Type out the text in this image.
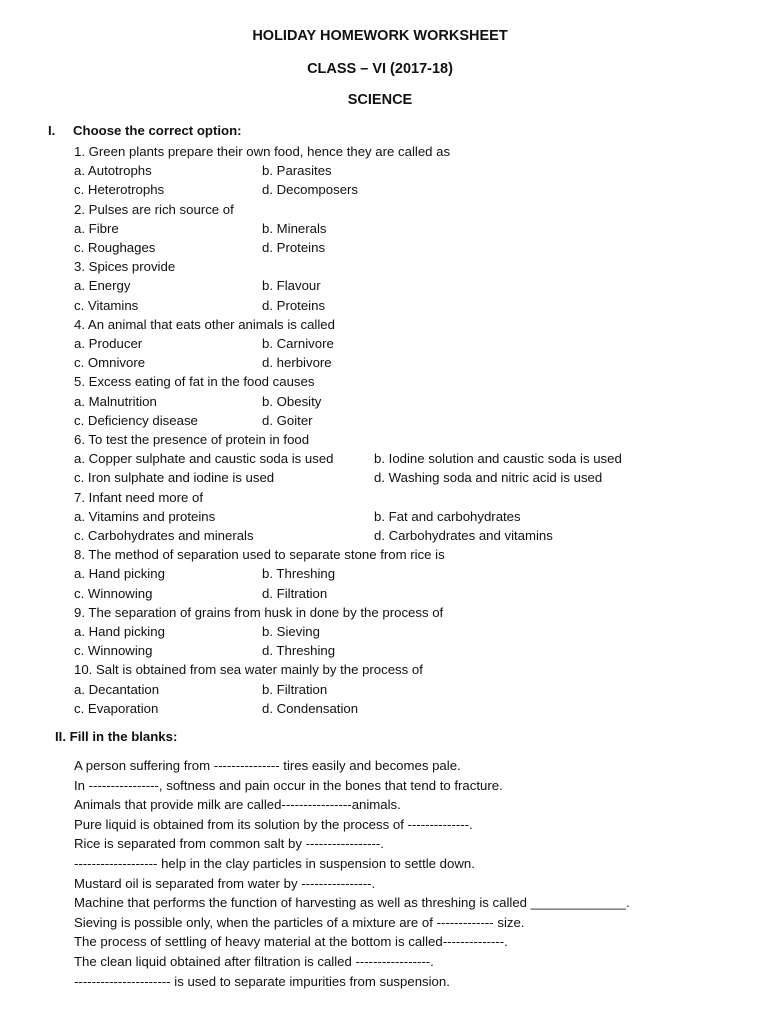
HOLIDAY HOMEWORK WORKSHEET
CLASS – VI (2017-18)
SCIENCE
I. Choose the correct option:
1. Green plants prepare their own food, hence they are called as
a. Autotrophs	b. Parasites
c. Heterotrophs	d. Decomposers
2. Pulses are rich source of
a. Fibre	b. Minerals
c. Roughages	d. Proteins
3. Spices provide
a. Energy	b. Flavour
c. Vitamins	d. Proteins
4. An animal that eats other animals is called
a. Producer	b. Carnivore
c. Omnivore	d. herbivore
5. Excess eating of fat in the food causes
a. Malnutrition	b. Obesity
c. Deficiency disease	d. Goiter
6. To test the presence of protein in food
a. Copper sulphate and caustic soda is used	b. Iodine solution and caustic soda is used
c. Iron sulphate and iodine is used	d. Washing soda and nitric acid is used
7. Infant need more of
a. Vitamins and proteins	b. Fat and carbohydrates
c. Carbohydrates and minerals	d. Carbohydrates and vitamins
8. The method of separation used to separate stone from rice is
a. Hand picking	b. Threshing
c. Winnowing	d. Filtration
9. The separation of grains from husk in done by the process of
a. Hand picking	b. Sieving
c. Winnowing	d. Threshing
10. Salt is obtained from sea water mainly by the process of
a. Decantation	b. Filtration
c. Evaporation	d. Condensation
II. Fill in the blanks:
A person suffering from --------------- tires easily and becomes pale.
In ----------------, softness and pain occur in the bones that tend to fracture.
Animals that provide milk are called----------------animals.
Pure liquid is obtained from its solution by the process of --------------.
Rice is separated from common salt by -----------------.
------------------- help in the clay particles in suspension to settle down.
Mustard oil is separated from water by ----------------.
Machine that performs the function of harvesting as well as threshing is called _____________.
Sieving is possible only, when the particles of a mixture are of ------------- size.
The process of settling of heavy material at the bottom is called--------------.
The clean liquid obtained after filtration is called -----------------.
---------------------- is used to separate impurities from suspension.
